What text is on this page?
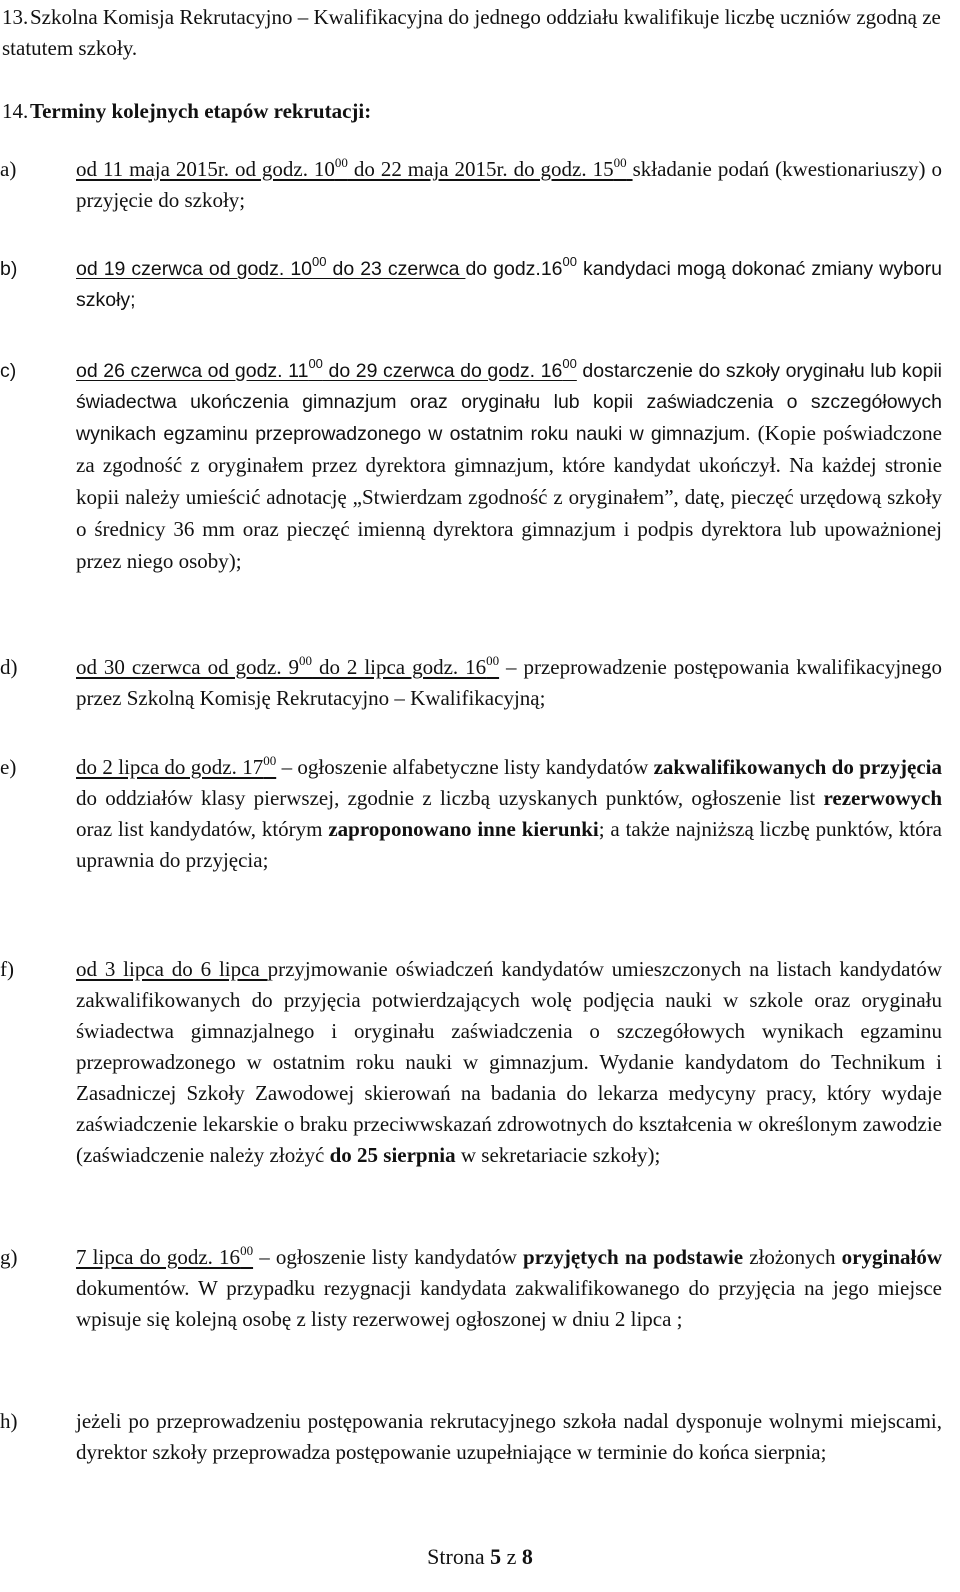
13.Szkolna Komisja Rekrutacyjno – Kwalifikacyjna do jednego oddziału kwalifikuje liczbę uczniów zgodną ze statutem szkoły.

14.Terminy kolejnych etapów rekrutacji:

a)	od 11 maja 2015r. od godz. $10^{00}$ do 22 maja 2015r. do godz. $15^{00}$ składanie podań (kwestionariuszy) o przyjęcie do szkoły;
b)	od 19 czerwca od godz. $10^{00}$ do 23 czerwca do $godz.16^{00}$ kandydaci mogą dokonać zmiany wyboru szkoły;
c)	od 26 czerwca od godz. $11^{00}$ do 29 czerwca do godz. $16^{00}$ dostarczenie do szkoły oryginału lub kopii świadectwa ukończenia gimnazjum oraz oryginału lub kopii zaświadczenia o szczegółowych wynikach egzaminu przeprowadzonego w ostatnim roku nauki w gimnazjum. (Kopie poświadczone za zgodność z oryginałem przez dyrektora gimnazjum, które kandydat ukończył. Na każdej stronie kopii należy umieścić adnotację „Stwierdzam zgodność z oryginałem”, datę, pieczęć urzędową szkoły o średnicy 36 mm oraz pieczęć imienną dyrektora gimnazjum i podpis dyrektora lub upoważnionej przez niego osoby);
d)	od 30 czerwca od godz. $9^{00}$ do 2 lipca godz. $16^{00}$ – przeprowadzenie postępowania kwalifikacyjnego przez Szkolną Komisję Rekrutacyjno – Kwalifikacyjną;
e)	do 2 lipca do godz. $17^{00}$ – ogłoszenie alfabetyczne listy kandydatów zakwalifikowanych do przyjęcia do oddziałów klasy pierwszej, zgodnie z liczbą uzyskanych punktów, ogłoszenie list rezerwowych oraz list kandydatów, którym zaproponowano inne kierunki; a także najniższą liczbę punktów, która uprawnia do przyjęcia;
f)	od 3 lipca do 6 lipca przyjmowanie oświadczeń kandydatów umieszczonych na listach kandydatów zakwalifikowanych do przyjęcia potwierdzających wolę podjęcia nauki w szkole oraz oryginału świadectwa gimnazjalnego i oryginału zaświadczenia o szczegółowych wynikach egzaminu przeprowadzonego w ostatnim roku nauki w gimnazjum. Wydanie kandydatom do Technikum i Zasadniczej Szkoły Zawodowej skierowań na badania do lekarza medycyny pracy, który wydaje zaświadczenie lekarskie o braku przeciwwskazań zdrowotnych do kształcenia w określonym zawodzie (zaświadczenie należy złożyć do 25 sierpnia w sekretariacie szkoły);
g)	7 lipca do godz. $16^{00}$ – ogłoszenie listy kandydatów przyjętych na podstawie złożonych oryginałów dokumentów. W przypadku rezygnacji kandydata zakwalifikowanego do przyjęcia na jego miejsce wpisuje się kolejną osobę z listy rezerwowej ogłoszonej w dniu 2 lipca ;
h)	jeżeli po przeprowadzeniu postępowania rekrutacyjnego szkoła nadal dysponuje wolnymi miejscami, dyrektor szkoły przeprowadza postępowanie uzupełniające w terminie do końca sierpnia;
Strona 5 z 8
